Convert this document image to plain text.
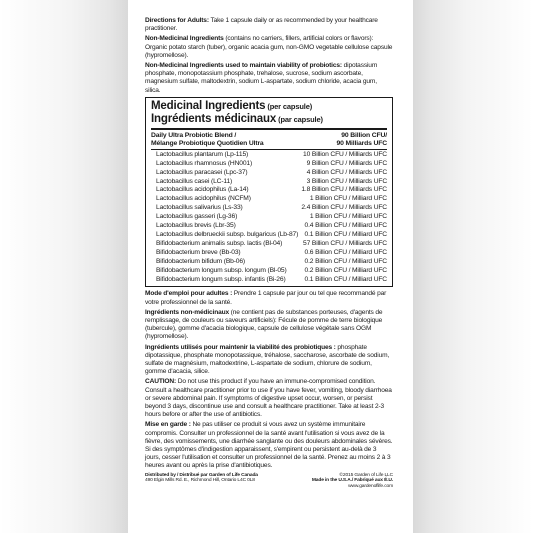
Directions for Adults: Take 1 capsule daily or as recommended by your healthcare practitioner.

Non-Medicinal Ingredients (contains no carriers, fillers, artificial colors or flavors): Organic potato starch (tuber), organic acacia gum, non-GMO vegetable cellulose capsule (hypromellose).

Non-Medicinal Ingredients used to maintain viability of probiotics: dipotassium phosphate, monopotassium phosphate, trehalose, sucrose, sodium ascorbate, magnesium sulfate, maltodextrin, sodium L-aspartate, sodium chloride, acacia gum, silica.

Medicinal Ingredients (per capsule)
Ingrédients médicinaux (par capsule)
Daily Ultra Probiotic Blend /	90 Billion CFU/
Mélange Probiotique Quotidien Ultra	90 Milliards UFC
Lactobacillus plantarum (Lp-115)	10 Billion CFU / Milliards UFC
Lactobacillus rhamnosus (HN001)	9 Billion CFU / Milliards UFC
Lactobacillus paracasei (Lpc-37)	4 Billion CFU / Milliards UFC
Lactobacillus casei (LC-11)	3 Billion CFU / Milliards UFC
Lactobacillus acidophilus (La-14)	1.8 Billion CFU / Milliards UFC
Lactobacillus acidophilus (NCFM)	1 Billion CFU / Milliard UFC
Lactobacillus salivarius (Ls-33)	2.4 Billion CFU / Milliards UFC
Lactobacillus gasseri (Lg-36)	1 Billion CFU / Milliard UFC
Lactobacillus brevis (Lbr-35)	0.4 Billion CFU / Milliard UFC
Lactobacillus delbrueckii subsp. bulgaricus (Lb-87) 0.1 Billion CFU / Milliard UFC
Bifidobacterium animalis subsp. lactis (Bl-04)	57 Billion CFU / Milliards UFC
Bifidobacterium breve (Bb-03)	0.6 Billion CFU / Milliard UFC
Bifidobacterium bifidum (Bb-06)	0.2 Billion CFU / Milliard UFC
Bifidobacterium longum subsp. longum (Bl-05)	0.2 Billion CFU / Milliard UFC
Bifidobacterium longum subsp. infantis (Bi-26)	0.1 Billion CFU / Milliard UFC

Mode d'emploi pour adultes : Prendre 1 capsule par jour ou tel que recommandé par votre professionnel de la santé.

Ingrédients non-médicinaux (ne contient pas de substances porteuses, d'agents de remplissage, de couleurs ou saveurs artificiels): Fécule de pomme de terre biologique (tubercule), gomme d'acacia biologique, capsule de cellulose végétale sans OGM (hypromellose).

Ingrédients utilisés pour maintenir la viabilité des probiotiques : phosphate dipotassique, phosphate monopotassique, tréhalose, saccharose, ascorbate de sodium, sulfate de magnésium, maltodextrine, L-aspartate de sodium, chlorure de sodium, gomme d'acacia, silice.

CAUTION: Do not use this product if you have an immune-compromised condition. Consult a healthcare practitioner prior to use if you have fever, vomiting, bloody diarrhoea or severe abdominal pain. If symptoms of digestive upset occur, worsen, or persist beyond 3 days, discontinue use and consult a healthcare practitioner. Take at least 2-3 hours before or after the use of antibiotics.

Mise en garde : Ne pas utiliser ce produit si vous avez un système immunitaire compromis. Consulter un professionnel de la santé avant l'utilisation si vous avez de la fièvre, des vomissements, une diarrhée sanglante ou des douleurs abdominales sévères. Si des symptômes d'indigestion apparaissent, s'empirent ou persistent au-delà de 3 jours, cesser l'utilisation et consulter un professionnel de la santé. Prenez au moins 2 à 3 heures avant ou après la prise d'antibiotiques.

Distributed by / Distribué par Garden of Life Canada
490 Elgin Mills Rd. E., Richmond Hill, Ontario L4C 0L8
©2015 Garden of Life LLC
Made in the U.S.A./ Fabriqué aux É.U.
www.gardenoflife.com
